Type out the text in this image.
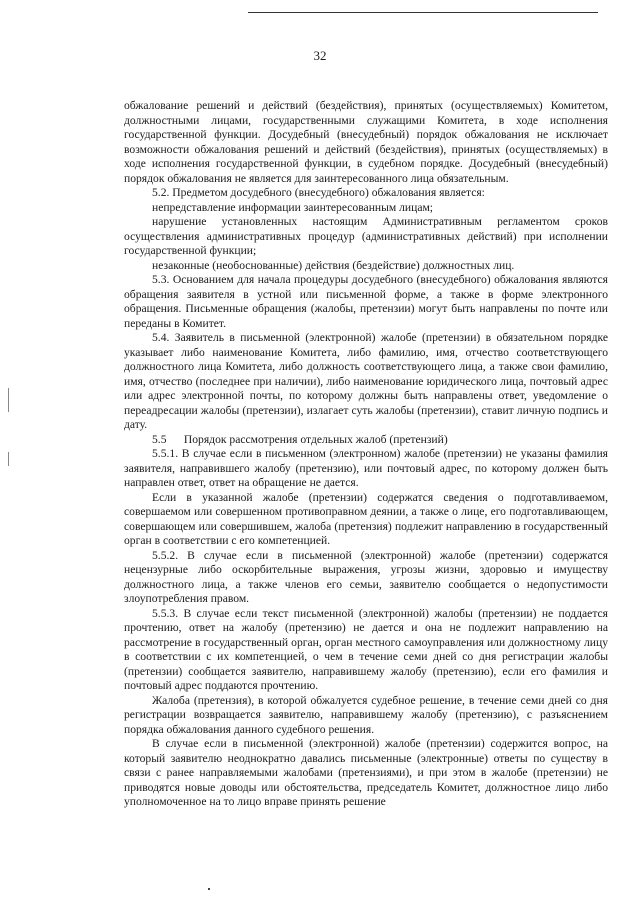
32

обжалование решений и действий (бездействия), принятых (осуществляемых) Комитетом, должностными лицами, государственными служащими Комитета, в ходе исполнения государственной функции. Досудебный (внесудебный) порядок обжалования не исключает возможности обжалования решений и действий (бездействия), принятых (осуществляемых) в ходе исполнения государственной функции, в судебном порядке. Досудебный (внесудебный) порядок обжалования не является для заинтересованного лица обязательным.

5.2. Предметом досудебного (внесудебного) обжалования является:

непредставление информации заинтересованным лицам;

нарушение установленных настоящим Административным регламентом сроков осуществления административных процедур (административных действий) при исполнении государственной функции;

незаконные (необоснованные) действия (бездействие) должностных лиц.

5.3. Основанием для начала процедуры досудебного (внесудебного) обжалования являются обращения заявителя в устной или письменной форме, а также в форме электронного обращения. Письменные обращения (жалобы, претензии) могут быть направлены по почте или переданы в Комитет.

5.4. Заявитель в письменной (электронной) жалобе (претензии) в обязательном порядке указывает либо наименование Комитета, либо фамилию, имя, отчество соответствующего должностного лица Комитета, либо должность соответствующего лица, а также свои фамилию, имя, отчество (последнее при наличии), либо наименование юридического лица, почтовый адрес или адрес электронной почты, по которому должны быть направлены ответ, уведомление о переадресации жалобы (претензии), излагает суть жалобы (претензии), ставит личную подпись и дату.

5.5      Порядок рассмотрения отдельных жалоб (претензий)

5.5.1. В случае если в письменном (электронном) жалобе (претензии) не указаны фамилия заявителя, направившего жалобу (претензию), или почтовый адрес, по которому должен быть направлен ответ, ответ на обращение не дается.

Если в указанной жалобе (претензии) содержатся сведения о подготавливаемом, совершаемом или совершенном противоправном деянии, а также о лице, его подготавливающем, совершающем или совершившем, жалоба (претензия) подлежит направлению в государственный орган в соответствии с его компетенцией.

5.5.2. В случае если в письменной (электронной) жалобе (претензии) содержатся нецензурные либо оскорбительные выражения, угрозы жизни, здоровью и имуществу должностного лица, а также членов его семьи, заявителю сообщается о недопустимости злоупотребления правом.

5.5.3. В случае если текст письменной (электронной) жалобы (претензии) не поддается прочтению, ответ на жалобу (претензию) не дается и она не подлежит направлению на рассмотрение в государственный орган, орган местного самоуправления или должностному лицу в соответствии с их компетенцией, о чем в течение семи дней со дня регистрации жалобы (претензии) сообщается заявителю, направившему жалобу (претензию), если его фамилия и почтовый адрес поддаются прочтению.

Жалоба (претензия), в которой обжалуется судебное решение, в течение семи дней со дня регистрации возвращается заявителю, направившему жалобу (претензию), с разъяснением порядка обжалования данного судебного решения.

В случае если в письменной (электронной) жалобе (претензии) содержится вопрос, на который заявителю неоднократно давались письменные (электронные) ответы по существу в связи с ранее направляемыми жалобами (претензиями), и при этом в жалобе (претензии) не приводятся новые доводы или обстоятельства, председатель Комитет, должностное лицо либо уполномоченное на то лицо вправе принять решение
